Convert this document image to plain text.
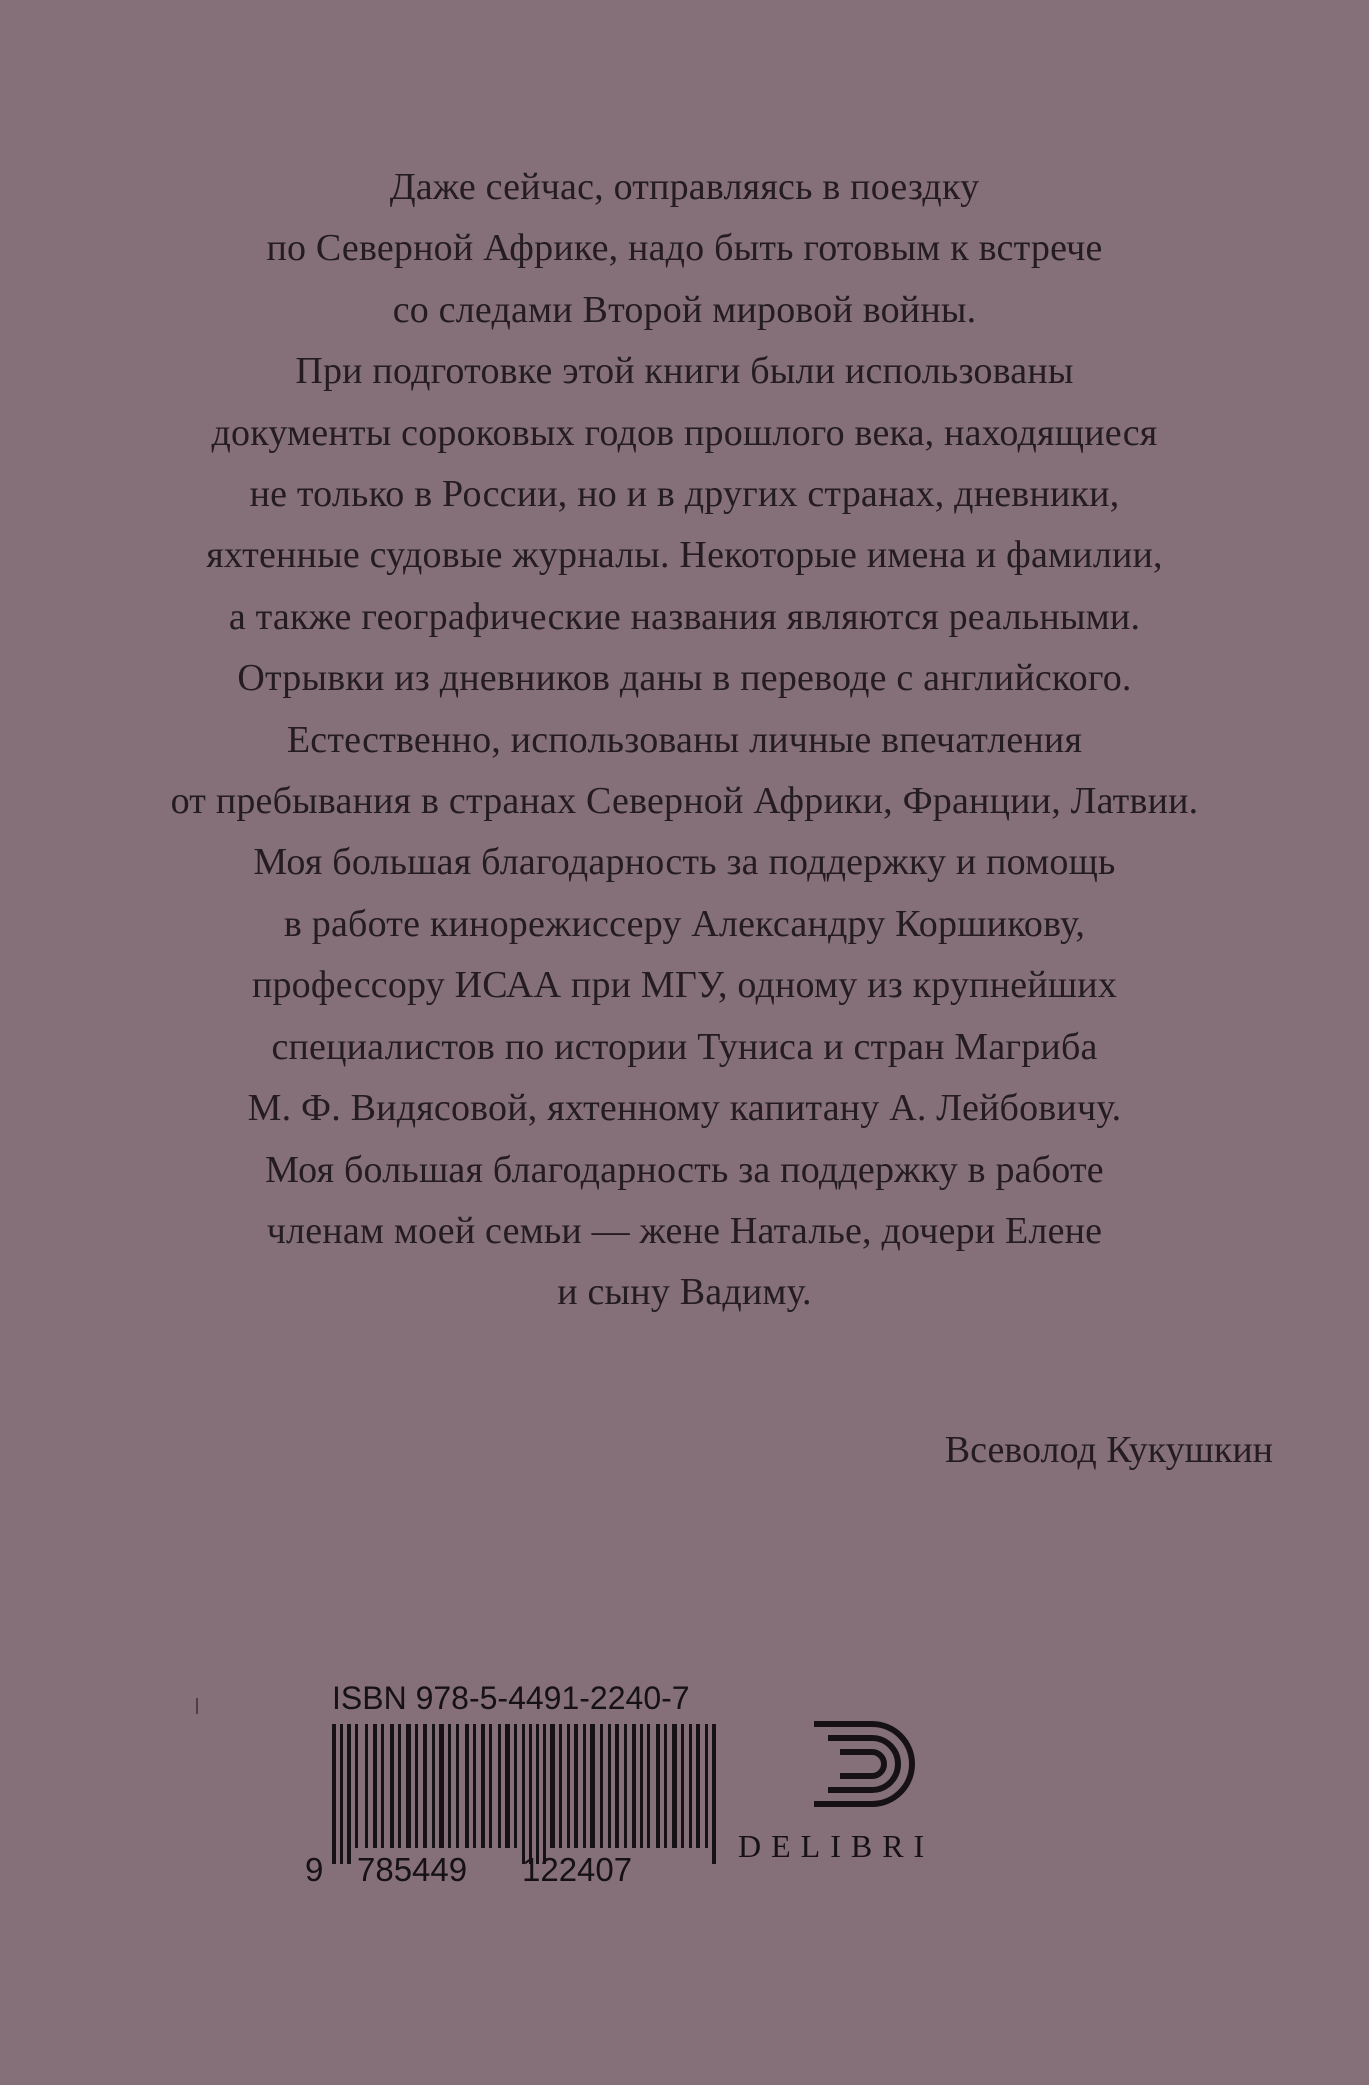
Даже сейчас, отправляясь в поездку
по Северной Африке, надо быть готовым к встрече
со следами Второй мировой войны.
При подготовке этой книги были использованы
документы сороковых годов прошлого века, находящиеся
не только в России, но и в других странах, дневники,
яхтенные судовые журналы. Некоторые имена и фамилии,
а также географические названия являются реальными.
Отрывки из дневников даны в переводе с английского.
Естественно, использованы личные впечатления
от пребывания в странах Северной Африки, Франции, Латвии.
Моя большая благодарность за поддержку и помощь
в работе кинорежиссеру Александру Коршикову,
профессору ИСАА при МГУ, одному из крупнейших
специалистов по истории Туниса и стран Магриба
М. Ф. Видясовой, яхтенному капитану А. Лейбовичу.
Моя большая благодарность за поддержку в работе
членам моей семьи — жене Наталье, дочери Елене
и сыну Вадиму.
Всеволод Кукушкин
ISBN 978-5-4491-2240-7
9 785449 122407
DELIBRI
